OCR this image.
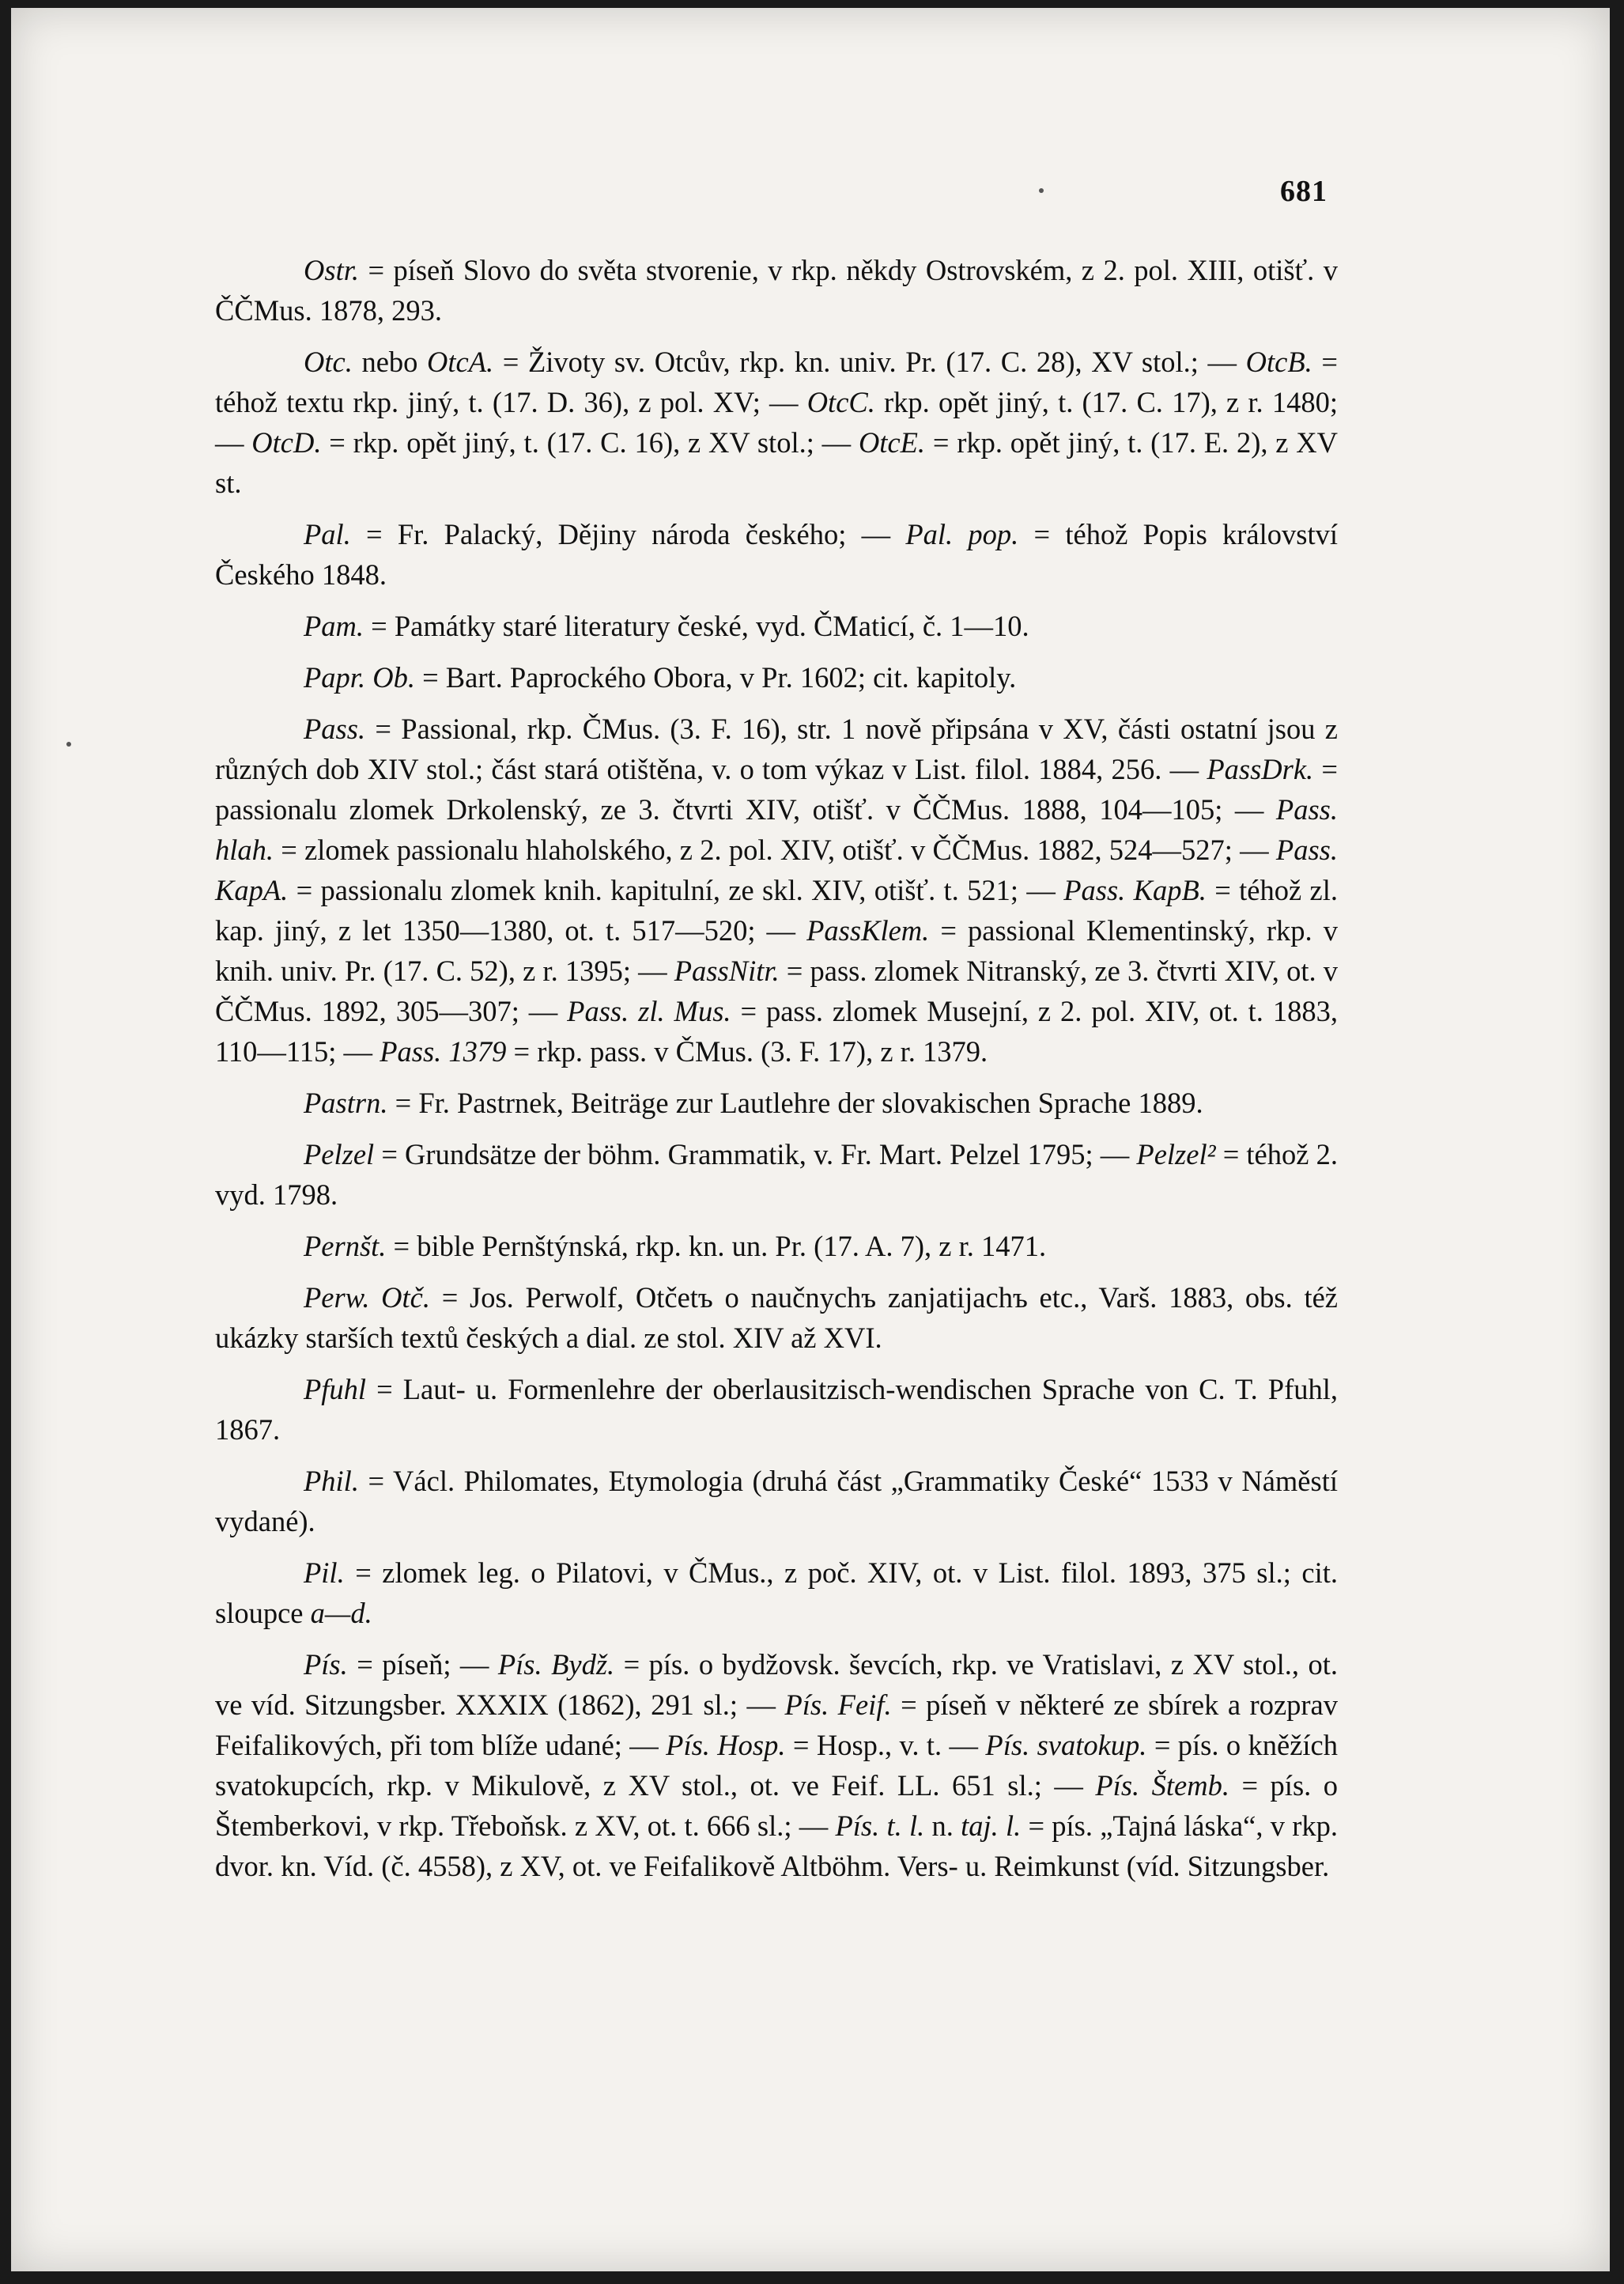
681

Ostr. = píseň Slovo do světa stvorenie, v rkp. někdy Ostrovském, z 2. pol. XIII, otišť. v ČČMus. 1878, 293.

Otc. nebo OtcA. = Životy sv. Otcův, rkp. kn. univ. Pr. (17. C. 28), XV stol.; — OtcB. = téhož textu rkp. jiný, t. (17. D. 36), z pol. XV; — OtcC. rkp. opět jiný, t. (17. C. 17), z r. 1480; — OtcD. = rkp. opět jiný, t. (17. C. 16), z XV stol.; — OtcE. = rkp. opět jiný, t. (17. E. 2), z XV st.

Pal. = Fr. Palacký, Dějiny národa českého; — Pal. pop. = téhož Popis království Českého 1848.

Pam. = Památky staré literatury české, vyd. ČMaticí, č. 1—10.

Papr. Ob. = Bart. Paprockého Obora, v Pr. 1602; cit. kapitoly.

Pass. = Passional, rkp. ČMus. (3. F. 16), str. 1 nově připsána v XV, části ostatní jsou z různých dob XIV stol.; část stará otištěna, v. o tom výkaz v List. filol. 1884, 256. — PassDrk. = passionalu zlomek Drkolenský, ze 3. čtvrti XIV, otišť. v ČČMus. 1888, 104—105; — Pass. hlah. = zlomek passionalu hlaholského, z 2. pol. XIV, otišť. v ČČMus. 1882, 524—527; — Pass. KapA. = passionalu zlomek knih. kapitulní, ze skl. XIV, otišť. t. 521; — Pass. KapB. = téhož zl. kap. jiný, z let 1350—1380, ot. t. 517—520; — PassKlem. = passional Klementinský, rkp. v knih. univ. Pr. (17. C. 52), z r. 1395; — PassNitr. = pass. zlomek Nitranský, ze 3. čtvrti XIV, ot. v ČČMus. 1892, 305—307; — Pass. zl. Mus. = pass. zlomek Musejní, z 2. pol. XIV, ot. t. 1883, 110—115; — Pass. 1379 = rkp. pass. v ČMus. (3. F. 17), z r. 1379.

Pastrn. = Fr. Pastrnek, Beiträge zur Lautlehre der slovakischen Sprache 1889.

Pelzel = Grundsätze der böhm. Grammatik, v. Fr. Mart. Pelzel 1795; — Pelzel² = téhož 2. vyd. 1798.

Pernšt. = bible Pernštýnská, rkp. kn. un. Pr. (17. A. 7), z r. 1471.

Perw. Otč. = Jos. Perwolf, Otčetъ o naučnychъ zanjatijachъ etc., Varš. 1883, obs. též ukázky starších textů českých a dial. ze stol. XIV až XVI.

Pfuhl = Laut- u. Formenlehre der oberlausitzisch-wendischen Sprache von C. T. Pfuhl, 1867.

Phil. = Václ. Philomates, Etymologia (druhá část „Grammatiky České“ 1533 v Náměstí vydané).

Pil. = zlomek leg. o Pilatovi, v ČMus., z poč. XIV, ot. v List. filol. 1893, 375 sl.; cit. sloupce a—d.

Pís. = píseň; — Pís. Bydž. = pís. o bydžovsk. ševcích, rkp. ve Vratislavi, z XV stol., ot. ve víd. Sitzungsber. XXXIX (1862), 291 sl.; — Pís. Feif. = píseň v některé ze sbírek a rozprav Feifalikových, při tom blíže udané; — Pís. Hosp. = Hosp., v. t. — Pís. svatokup. = pís. o kněžích svatokupcích, rkp. v Mikulově, z XV stol., ot. ve Feif. LL. 651 sl.; — Pís. Štemb. = pís. o Štemberkovi, v rkp. Třeboňsk. z XV, ot. t. 666 sl.; — Pís. t. l. n. taj. l. = pís. „Tajná láska“, v rkp. dvor. kn. Víd. (č. 4558), z XV, ot. ve Feifalikově Altböhm. Vers- u. Reimkunst (víd. Sitzungsber.
